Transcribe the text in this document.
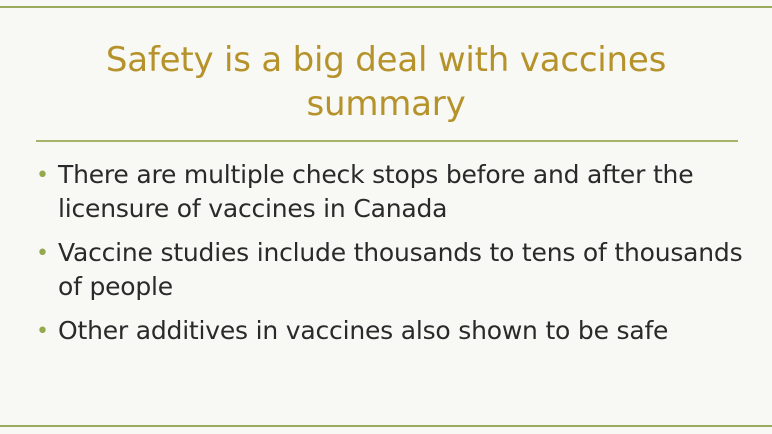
Safety is a big deal with vaccines summary
• There are multiple check stops before and after the licensure of vaccines in Canada
• Vaccine studies include thousands to tens of thousands of people
• Other additives in vaccines also shown to be safe
